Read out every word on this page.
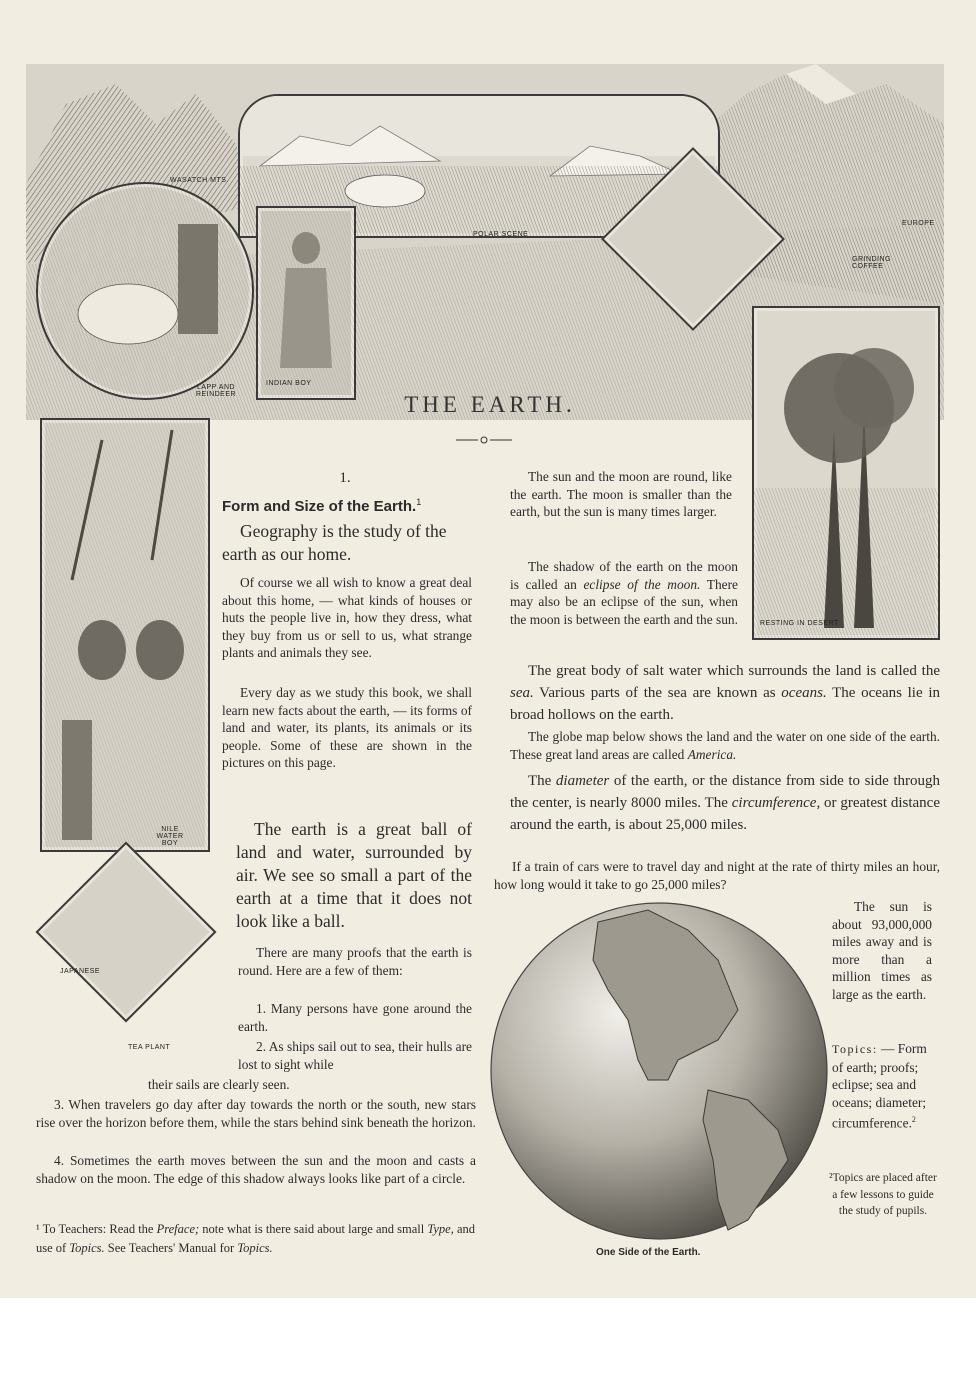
POLAR SCENE
WASATCH MTS.
LAPP AND REINDEER
INDIAN BOY
GRINDING COFFEE
EUROPE
RESTING IN DESERT
NILE WATER BOY
JAPANESE
TEA PLANT
THE EARTH.
1.
Form and Size of the Earth.$^1$
Geography is the study of the earth as our home.
Of course we all wish to know a great deal about this home, — what kinds of houses or huts the people live in, how they dress, what they buy from us or sell to us, what strange plants and animals they see.
Every day as we study this book, we shall learn new facts about the earth, — its forms of land and water, its plants, its animals or its people. Some of these are shown in the pictures on this page.
The earth is a great ball of land and water, surrounded by air. We see so small a part of the earth at a time that it does not look like a ball.
There are many proofs that the earth is round. Here are a few of them:
1. Many persons have gone around the earth.
2. As ships sail out to sea, their hulls are lost to sight while
their sails are clearly seen.
3. When travelers go day after day towards the north or the south, new stars rise over the horizon before them, while the stars behind sink beneath the horizon.
4. Sometimes the earth moves between the sun and the moon and casts a shadow on the moon. The edge of this shadow always looks like part of a circle.
¹ To Teachers: Read the Preface; note what is there said about large and small Type, and use of Topics. See Teachers' Manual for Topics.
The sun and the moon are round, like the earth. The moon is smaller than the earth, but the sun is many times larger.
The shadow of the earth on the moon is called an eclipse of the moon. There may also be an eclipse of the sun, when the moon is between the earth and the sun.
The great body of salt water which surrounds the land is called the sea. Various parts of the sea are known as oceans. The oceans lie in broad hollows on the earth.
The globe map below shows the land and the water on one side of the earth. These great land areas are called America.
The diameter of the earth, or the distance from side to side through the center, is nearly 8000 miles. The circumference, or greatest distance around the earth, is about 25,000 miles.
If a train of cars were to travel day and night at the rate of thirty miles an hour, how long would it take to go 25,000 miles?
The sun is about 93,000,000 miles away and is more than a million times as large as the earth.
Topics: — Form of earth; proofs; eclipse; sea and oceans; diameter; circumference.$^2$
²Topics are placed after a few lessons to guide the study of pupils.
One Side of the Earth.
